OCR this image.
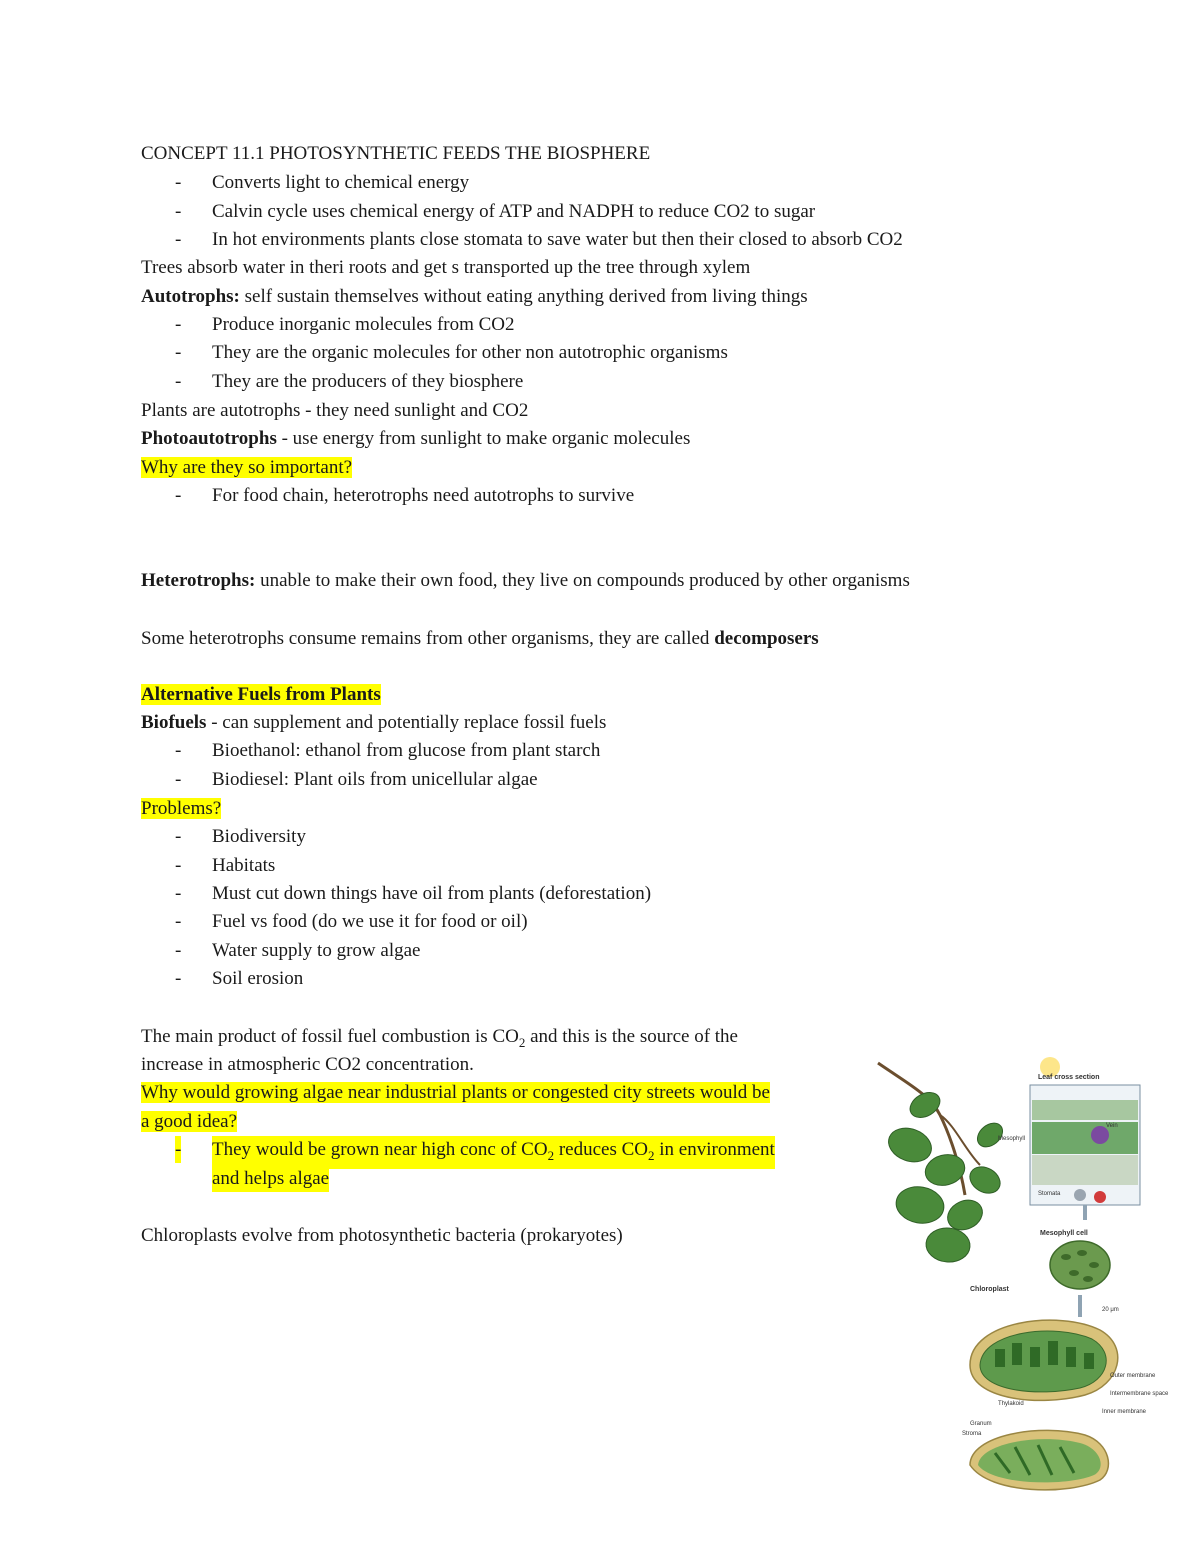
CONCEPT 11.1 PHOTOSYNTHETIC FEEDS THE BIOSPHERE
- Converts light to chemical energy
- Calvin cycle uses chemical energy of ATP and NADPH to reduce CO2 to sugar
- In hot environments plants close stomata to save water but then their closed to absorb CO2
Trees absorb water in theri roots and get s transported up the tree through xylem
Autotrophs: self sustain themselves without eating anything derived from living things
- Produce inorganic molecules from CO2
- They are the organic molecules for other non autotrophic organisms
- They are the producers of they biosphere
Plants are autotrophs - they need sunlight and CO2
Photoautotrophs - use energy from sunlight to make organic molecules
Why are they so important?
- For food chain, heterotrophs need autotrophs to survive
Heterotrophs: unable to make their own food, they live on compounds produced by other organisms
Some heterotrophs consume remains from other organisms, they are called decomposers
Alternative Fuels from Plants
Biofuels - can supplement and potentially replace fossil fuels
- Bioethanol: ethanol from glucose from plant starch
- Biodiesel: Plant oils from unicellular algae
Problems?
- Biodiversity
- Habitats
- Must cut down things have oil from plants (deforestation)
- Fuel vs food (do we use it for food or oil)
- Water supply to grow algae
- Soil erosion
The main product of fossil fuel combustion is $CO_2$ and this is the source of the
increase in atmospheric CO2 concentration.
Why would growing algae near industrial plants or congested city streets would be
a good idea?
- They would be grown near high conc of $CO_2$ reduces $CO_2$ in environment
and helps algae
Chloroplasts evolve from photosynthetic bacteria (prokaryotes)
Leaf cross section
Mesophyll
Vein
Stomata
Mesophyll cell
Chloroplast
20 μm
Outer membrane
Intermembrane space
Inner membrane
Thylakoid
Granum
Stroma
